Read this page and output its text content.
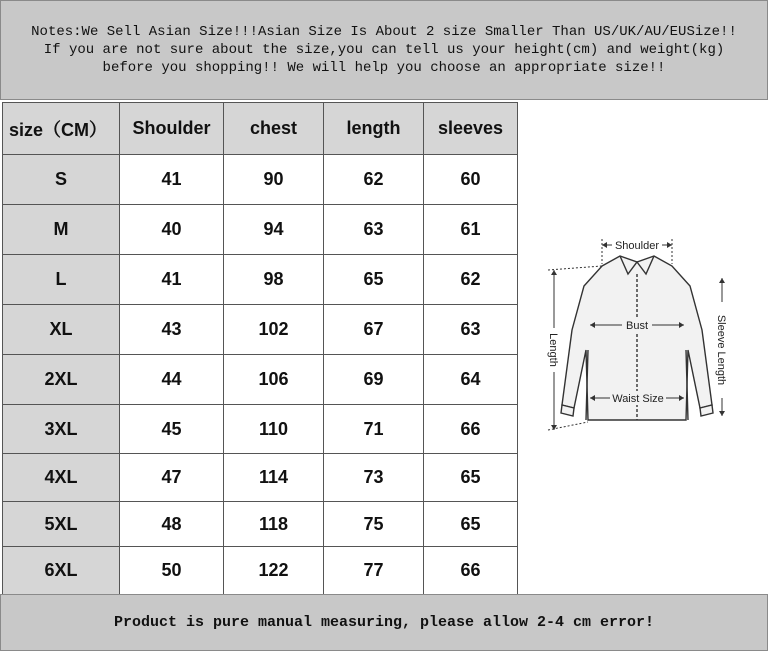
Notes:We Sell Asian Size!!!Asian Size Is About 2 size Smaller Than US/UK/AU/EUSize!!
If you are not sure about the size,you can tell us your height(cm) and weight(kg)
before you shopping!! We will help you choose an appropriate size!!
size（CM）	Shoulder	chest	length	sleeves
S	41	90	62	60
M	40	94	63	61
L	41	98	65	62
XL	43	102	67	63
2XL	44	106	69	64
3XL	45	110	71	66
4XL	47	114	73	65
5XL	48	118	75	65
6XL	50	122	77	66
Shoulder
Bust
Waist Size
Length	Sleeve Length
Product is pure manual measuring, please allow 2-4 cm error!
